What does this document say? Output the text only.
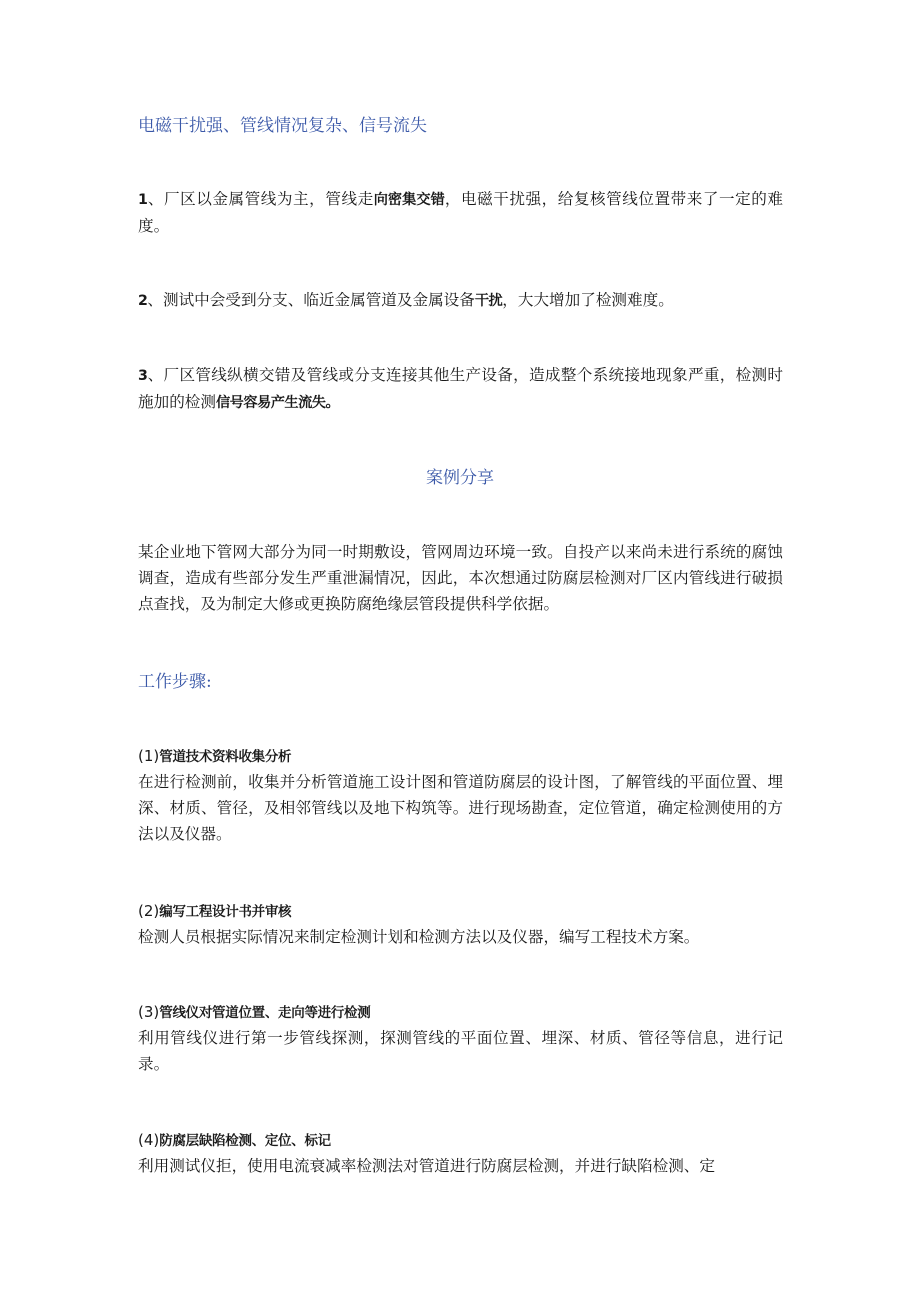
电磁干扰强、管线情况复杂、信号流失
1、厂区以金属管线为主，管线走向密集交错，电磁干扰强，给复核管线位置带来了一定的难度。
2、测试中会受到分支、临近金属管道及金属设备干扰，大大增加了检测难度。
3、厂区管线纵横交错及管线或分支连接其他生产设备，造成整个系统接地现象严重，检测时施加的检测信号容易产生流失。
案例分享
某企业地下管网大部分为同一时期敷设，管网周边环境一致。自投产以来尚未进行系统的腐蚀调查，造成有些部分发生严重泄漏情况，因此，本次想通过防腐层检测对厂区内管线进行破损点查找，及为制定大修或更换防腐绝缘层管段提供科学依据。
工作步骤:
(1)管道技术资料收集分析
在进行检测前，收集并分析管道施工设计图和管道防腐层的设计图，了解管线的平面位置、埋深、材质、管径，及相邻管线以及地下构筑等。进行现场勘查，定位管道，确定检测使用的方法以及仪器。
(2)编写工程设计书并审核
检测人员根据实际情况来制定检测计划和检测方法以及仪器，编写工程技术方案。
(3)管线仪对管道位置、走向等进行检测
利用管线仪进行第一步管线探测，探测管线的平面位置、埋深、材质、管径等信息，进行记录。
(4)防腐层缺陷检测、定位、标记
利用测试仪拒，使用电流衰减率检测法对管道进行防腐层检测，并进行缺陷检测、定
